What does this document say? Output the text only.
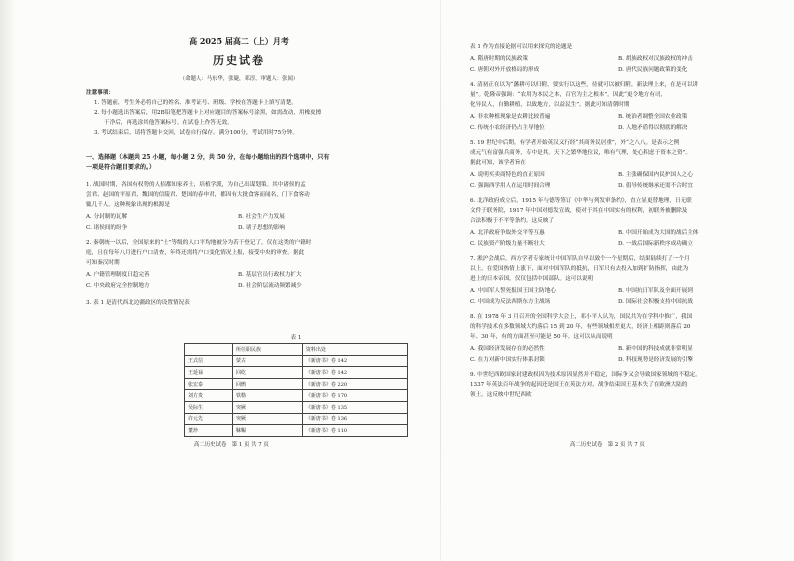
高 2025 届高二（上）月考
历史试卷
（命题人：马东华，张婕，邓淳，审题人：张闻）
注意事项：
1. 答题前，考生务必将自己的姓名、准考证号、班级、学校在答题卡上填写清楚。
2. 每小题选出答案后，用2B铅笔把答题卡上对应题目的答案标号涂黑，如需改动，用橡皮擦
干净后，再选涂其他答案标号。在试卷上作答无效。
3. 考试结束后，请将答题卡交回，试卷自行保存。满分100分，考试用时75分钟。
一、选择题（本题共 25 小题，每小题 2 分，共 50 分，在每小题给出的四个选项中，只有
一项是符合题目要求的。）
1. 战国时期，各国有权势的人招都知家养士，培植学派，为自己出谋划策。其中诸侯的孟
尝君、赵国的平原君、魏国的信陵君、楚国的春申君，都因有大批食客而闻名，门下食客动
辄几千人。这种现象出现的根源是
A. 分封制的瓦解	B. 社会生产力发展
C. 诸侯间的纷争	D. 诸子思想的影响
2. 秦朝统一以后，全国原来的“士”等级的人口平均地被分为若干登记了，仅在这类的户籍时
庭，且在每年八月进行户口清查，年终还需将户口变化情况上报，接受中央的审查。据此
可知秦汉时期
A. 户籍管理制度日趋完善	B. 基层官员行政权力扩大
C. 中央政府完全控制地方	D. 社会阶层流动频繁减少
3. 表 1 是清代西北边疆政区的设置情况表
表 1
	所任职民族	资料出处
王式信	蒙古	《新唐书》卷 142
王延禄	回纥	《新唐书》卷 142
张宏泰	回鹘	《新唐书》卷 220
刘方贵	铁勒	《新唐书》卷 170
吴际生	突厥	《新唐书》卷 135
许元先	突厥	《新唐书》卷 136
董珍	靺鞨	《新唐书》卷 110
高二历史试卷　第 1 页 共 7 页
表 1 作为直接论据可以用来探究的论题是
A. 隋唐时期的民族政策	B. 胡族政权对汉族政权的冲击
C. 唐朝对外开放格局的形成	D. 唐代民族问题政策的变化
4. 清初正在以为“藩耕可以归附，要实行以这些，待就可以被归附，新法理上来，在是可以讲
量”。乾隆帝强调：“农用为本民之本，百官为主之根本”。因此“更令地方有司，
化导民人，自勤耕植，以致地方，以益民生”。据此可知清朝时期
A. 非农种植现象是农耕比较普遍	B. 统治者调整全国农业政策
C. 传统小农经济仍占主导地位	D. 人地矛盾得以彻底的解决
5. 19 世纪中后期，有学者开始英汉又行经“其商务民居重”，外“之八八。是表示之例
成元气有富强兵商务，专中是其。天下之繁华地位议，唯有气理，处心积虑于资本之资”。
据此可知，该学者旨在
A. 说明买卖商特色的直正原因	B. 主张确保国内民护国人之心
C. 强调西学用人在运用时间合理	D. 倡导传统继承还需不合时宜
6. 北洋政府成立后，1915 年与德等签订《中华与列发审条约》，直立显更替地理，日无联
文件于联务院，1917 年中国对德发宣战，使对于其在中国实有的权利，初联务被删除及
合法积极于不平等条约。这反映了
A. 北洋政府争取外交平等互惠	B. 中国开始成为大国的战后主体
C. 民族资产阶级力量不断壮大	D. 一战后国际新秩序成功确立
7. 淞沪会战后，西方学者专家统计中国军队自早以致个一个星期后，结果陆续打了一个月
以上。在爱国热情上涨下，面对中国军队的抵抗，日军只有去投入加到扩防指挥，由此为
进上的日本帝国，仅仅包括中国部队。这可以说明
A. 中国军人誓死报国王国主防地心	B. 中国抗日军队及全面开展到
C. 中国成为反法西斯东方主战场	D. 国际社会积极支持中国抗战
8. 在 1978 年 3 月召开的全国科学大会上，邓小平人认为，国民共为在学科中推广，我国
的科学技术在多数领域大约落后 15 到 20 年，有些领域相差更大，经济上相距则落后 20
年、30 年，有的方面甚至可能是 50 年。这可以从而说明
A. 我国经济发展存在的必然性	B. 新中国的科技成就非常明显
C. 在力对新中国实行体系封锁	D. 科技现势是经济发展的引擎
9. 中世纪西欧国家封建政权因为技术原因显然并不稳定，国际争又会导致国家领域的不稳定。
1337 年英法百年战争的起因还是国王在英法方对，战争结束国王基本失了在欧洲大陆的
领土。这反映中世纪西欧
高二历史试卷　第 2 页 共 7 页
